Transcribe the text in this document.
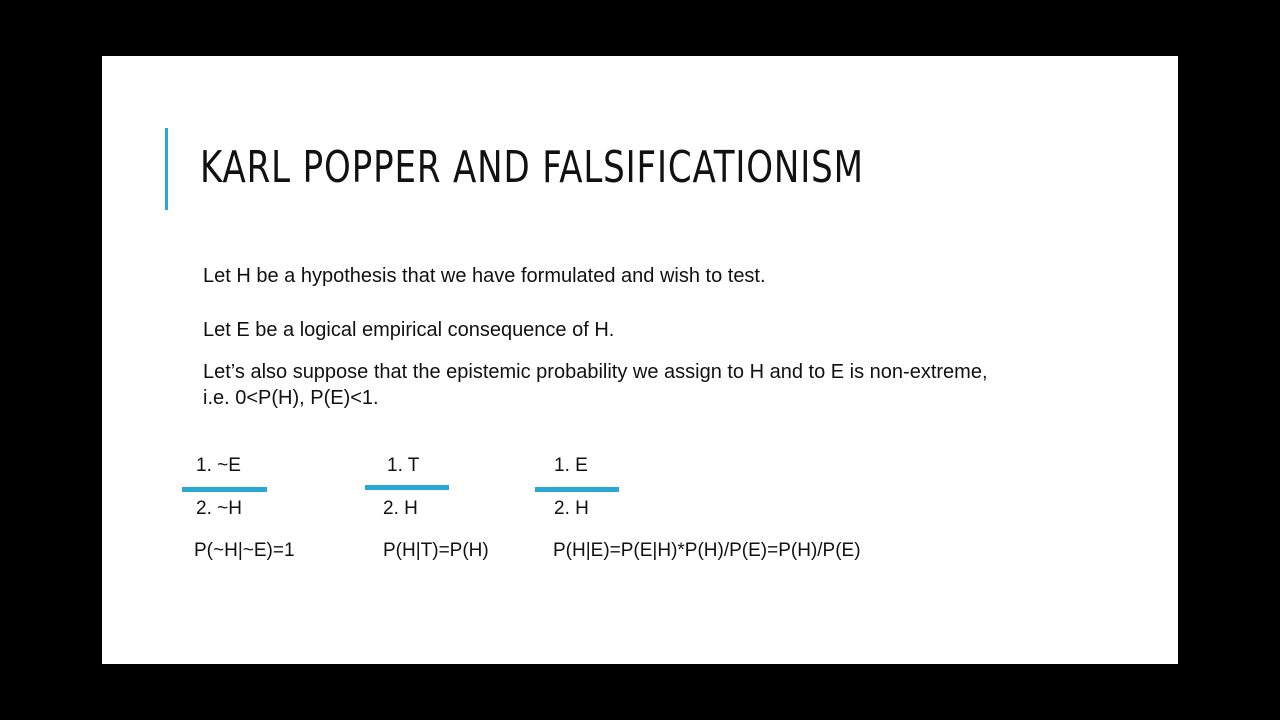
KARL POPPER AND FALSIFICATIONISM

Let H be a hypothesis that we have formulated and wish to test.

Let E be a logical empirical consequence of H.

Let’s also suppose that the epistemic probability we assign to H and to E is non-extreme, i.e. 0<P(H), P(E)<1.

1. ~E
2. ~H
P(~H|~E)=1
1. T
2. H
P(H|T)=P(H)
1. E
2. H
P(H|E)=P(E|H)*P(H)/P(E)=P(H)/P(E)
